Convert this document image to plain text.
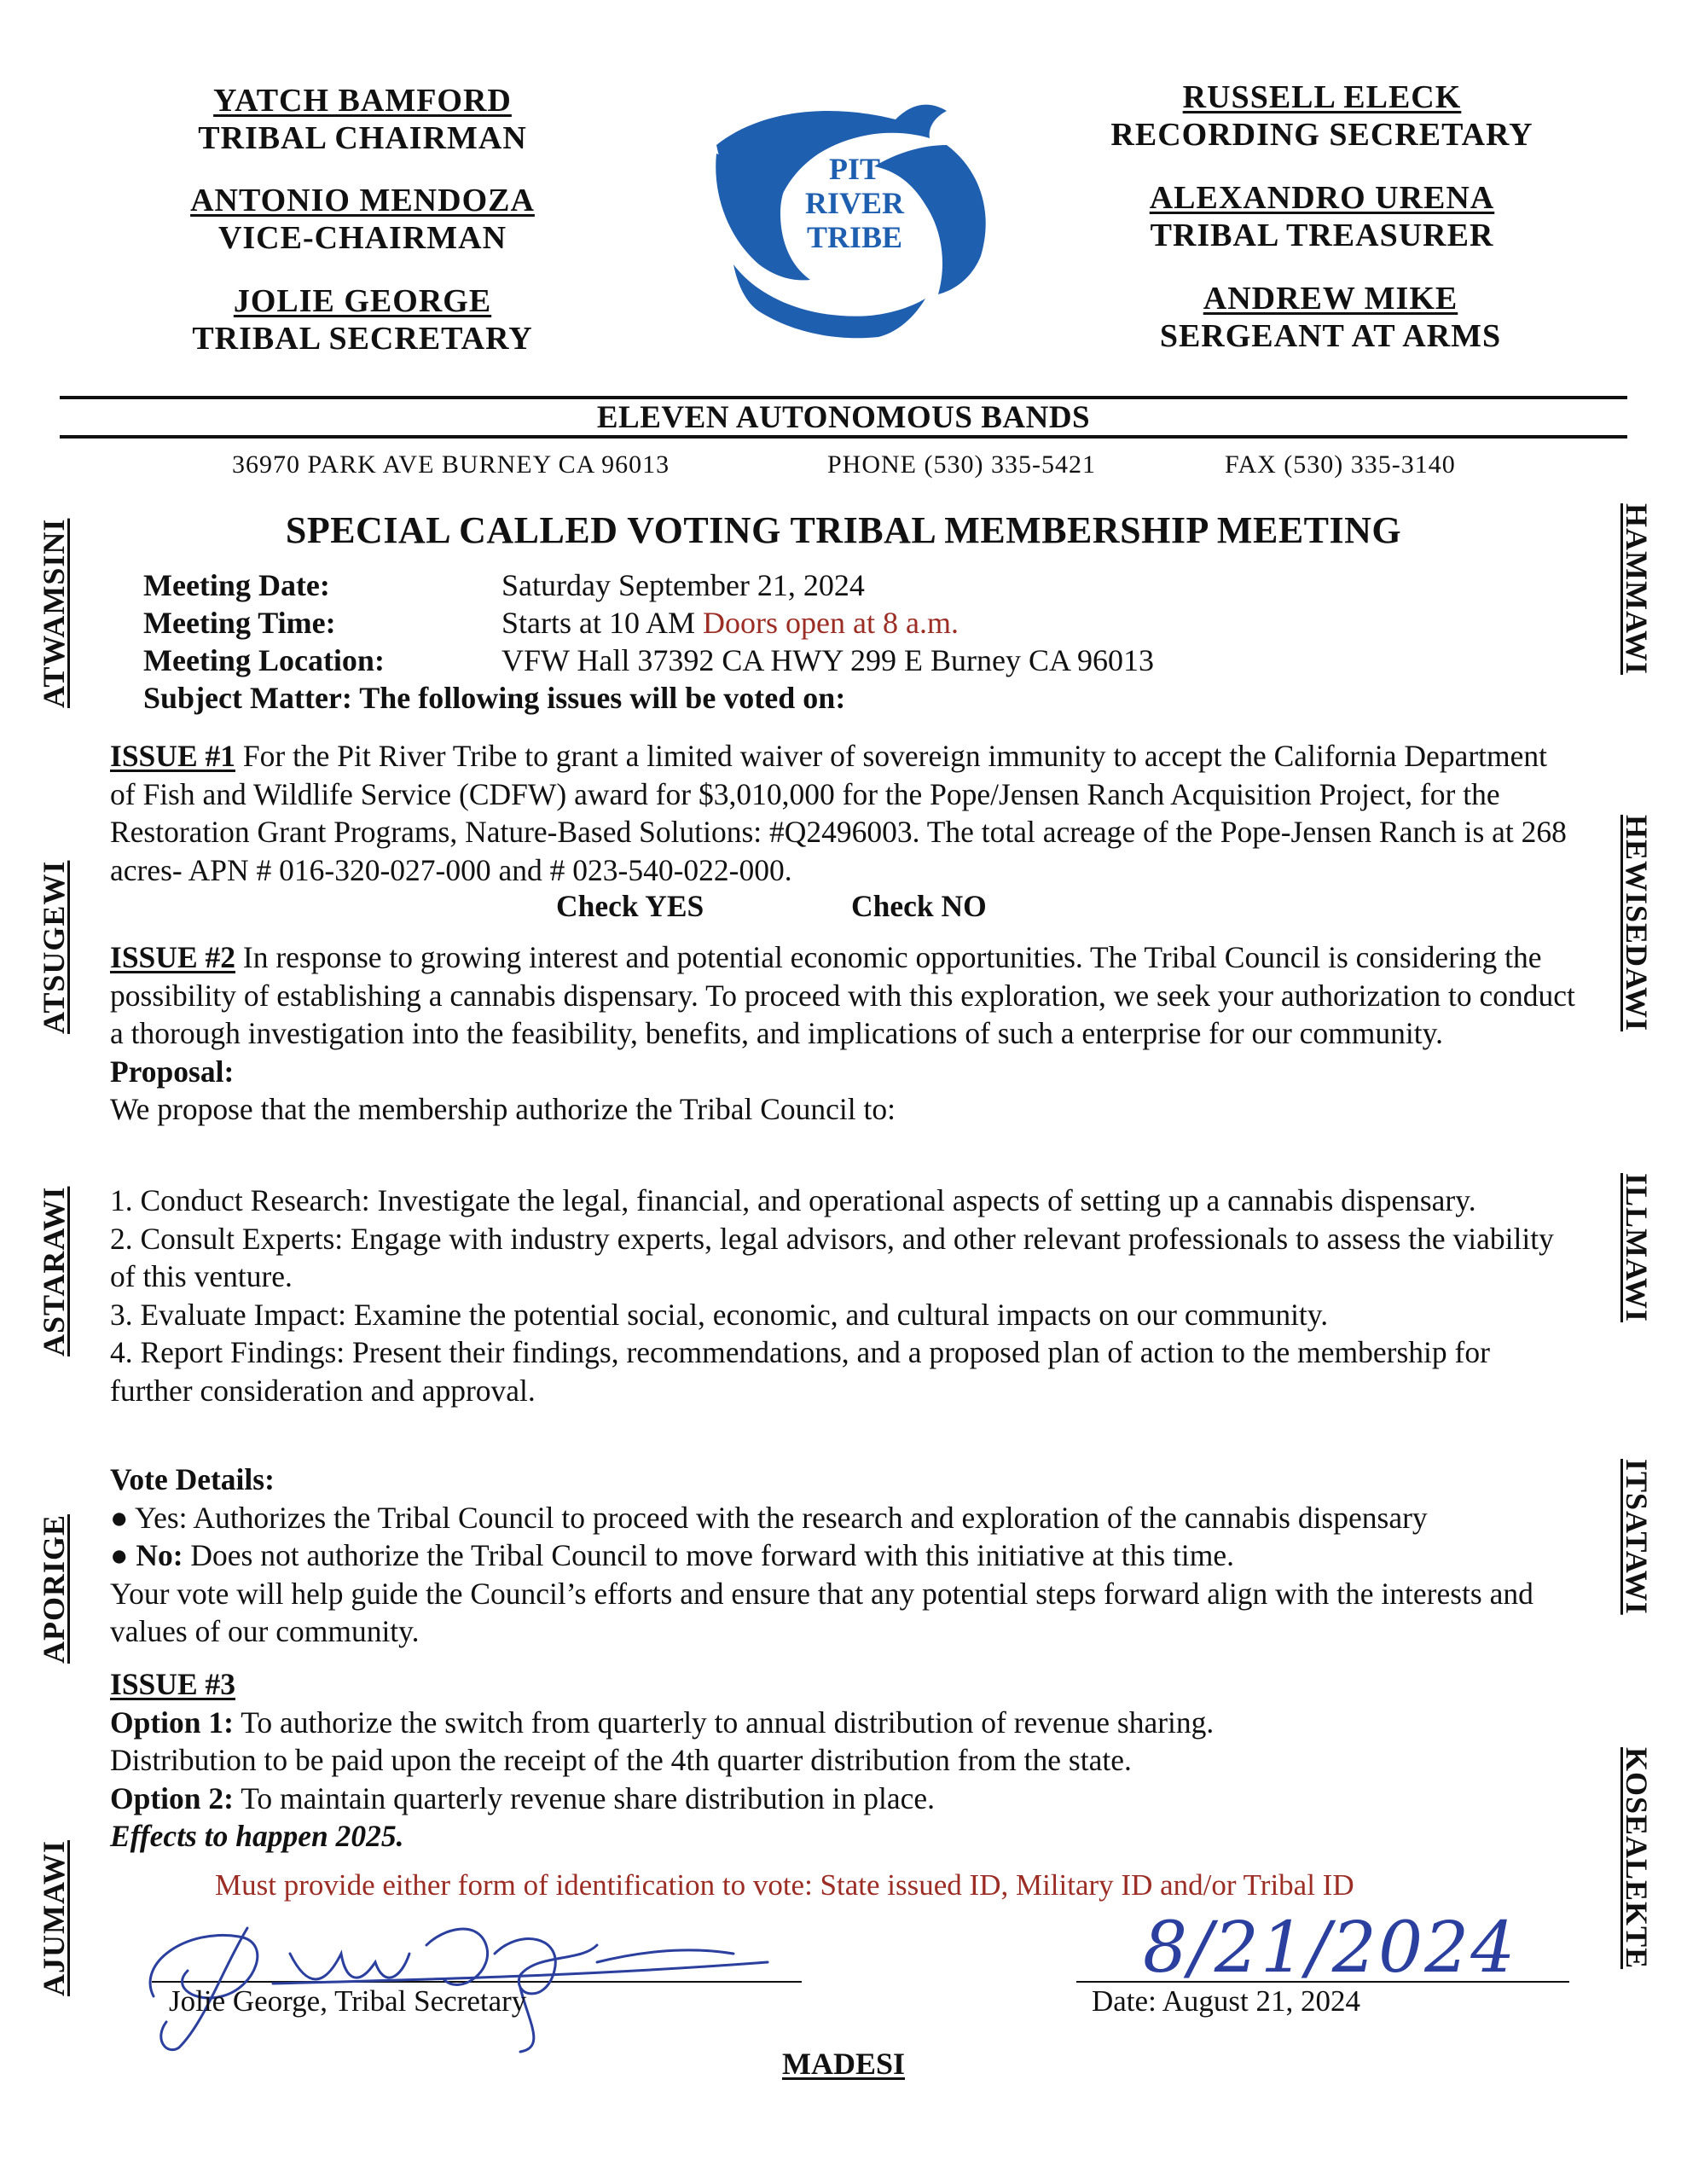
YATCH BAMFORD
TRIBAL CHAIRMAN
ANTONIO MENDOZA
VICE-CHAIRMAN
JOLIE GEORGE
TRIBAL SECRETARY
PIT
RIVER
TRIBE
RUSSELL ELECK
RECORDING SECRETARY
ALEXANDRO URENA
TRIBAL TREASURER
ANDREW MIKE
SERGEANT AT ARMS
ELEVEN AUTONOMOUS BANDS
36970 PARK AVE BURNEY CA 96013	PHONE (530) 335-5421	FAX (530) 335-3140
ATWAMSINI
ATSUGEWI
ASTARAWI
APORIGE
AJUMAWI
HAMMAWI
HEWISEDAWI
ILLMAWI
ITSATAWI
KOSEALEKTE
SPECIAL CALLED VOTING TRIBAL MEMBERSHIP MEETING
Meeting Date:	Saturday September 21, 2024
Meeting Time:	Starts at 10 AM Doors open at 8 a.m.
Meeting Location:	VFW Hall 37392 CA HWY 299 E Burney CA 96013
Subject Matter: The following issues will be voted on:

ISSUE #1 For the Pit River Tribe to grant a limited waiver of sovereign immunity to accept the California Department of Fish and Wildlife Service (CDFW) award for $3,010,000 for the Pope/Jensen Ranch Acquisition Project, for the Restoration Grant Programs, Nature-Based Solutions: #Q2496003. The total acreage of the Pope-Jensen Ranch is at 268 acres- APN # 016-320-027-000 and # 023-540-022-000.

Check YES	Check NO

ISSUE #2 In response to growing interest and potential economic opportunities. The Tribal Council is considering the possibility of establishing a cannabis dispensary. To proceed with this exploration, we seek your authorization to conduct a thorough investigation into the feasibility, benefits, and implications of such a enterprise for our community.

Proposal:

We propose that the membership authorize the Tribal Council to:

1. Conduct Research: Investigate the legal, financial, and operational aspects of setting up a cannabis dispensary.

2. Consult Experts: Engage with industry experts, legal advisors, and other relevant professionals to assess the viability of this venture.

3. Evaluate Impact: Examine the potential social, economic, and cultural impacts on our community.

4. Report Findings: Present their findings, recommendations, and a proposed plan of action to the membership for further consideration and approval.

Vote Details:

● Yes: Authorizes the Tribal Council to proceed with the research and exploration of the cannabis dispensary

● No: Does not authorize the Tribal Council to move forward with this initiative at this time.

Your vote will help guide the Council’s efforts and ensure that any potential steps forward align with the interests and values of our community.

ISSUE #3

Option 1: To authorize the switch from quarterly to annual distribution of revenue sharing.

Distribution to be paid upon the receipt of the 4th quarter distribution from the state.

Option 2: To maintain quarterly revenue share distribution in place.

Effects to happen 2025.

Must provide either form of identification to vote: State issued ID, Military ID and/or Tribal ID
Jolie George, Tribal Secretary
8/21/2024
Date: August 21, 2024
MADESI
